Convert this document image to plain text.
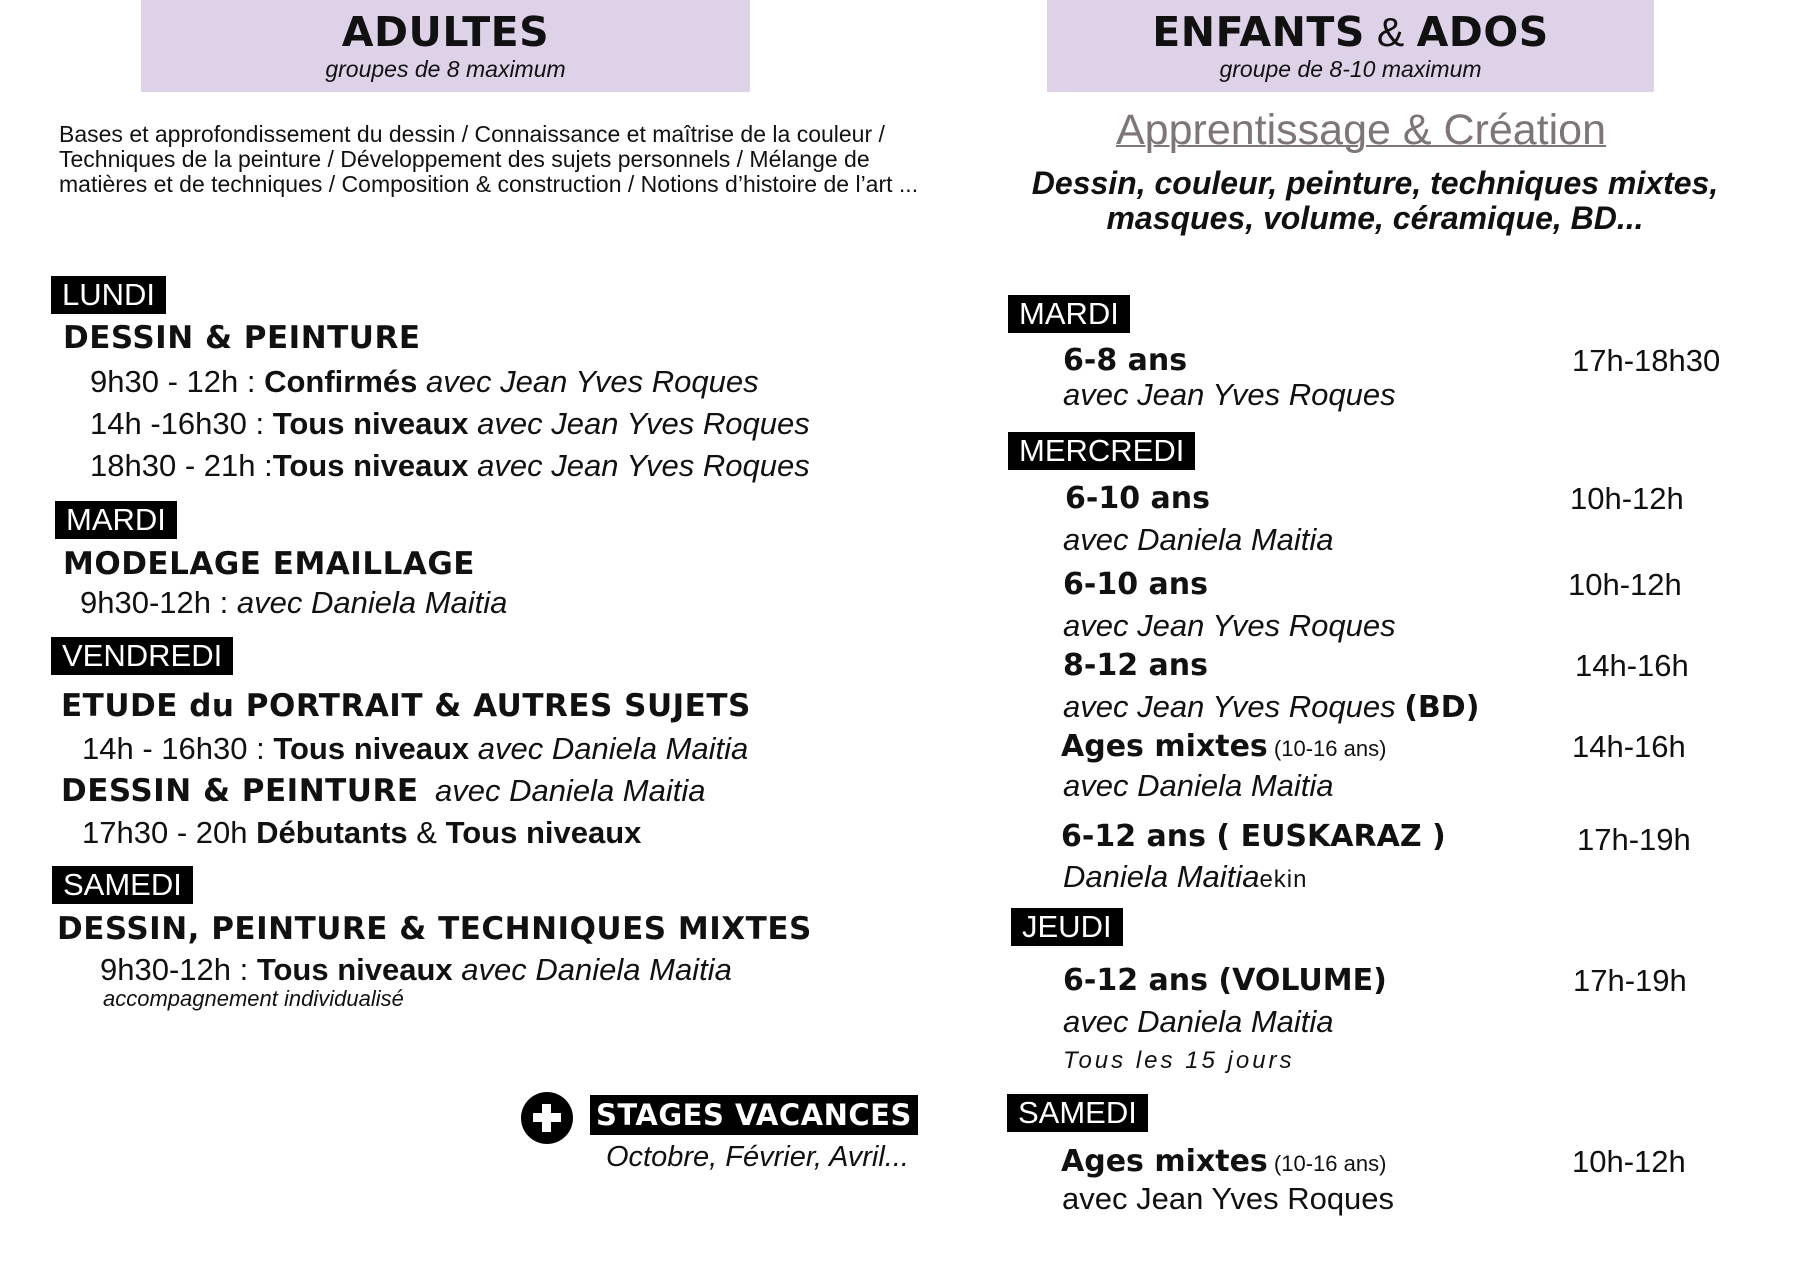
ADULTES
groupes de 8 maximum
Bases et approfondissement du dessin / Connaissance et maîtrise de la couleur /
Techniques de la peinture / Développement des sujets personnels / Mélange de
matières et de techniques / Composition & construction / Notions d’histoire de l’art ...
LUNDI
DESSIN & PEINTURE
9h30 - 12h : Confirmés avec Jean Yves Roques
14h -16h30 : Tous niveaux avec Jean Yves Roques
18h30 - 21h :Tous niveaux avec Jean Yves Roques
MARDI
MODELAGE EMAILLAGE
9h30-12h : avec Daniela Maitia
VENDREDI
ETUDE du PORTRAIT & AUTRES SUJETS
14h - 16h30 : Tous niveaux avec Daniela Maitia
DESSIN & PEINTURE avec Daniela Maitia
17h30 - 20h Débutants & Tous niveaux
SAMEDI
DESSIN, PEINTURE & TECHNIQUES MIXTES
9h30-12h : Tous niveaux avec Daniela Maitia
accompagnement individualisé
STAGES VACANCES
Octobre, Février, Avril...
ENFANTS & ADOS
groupe de 8-10 maximum
Apprentissage & Création
Dessin, couleur, peinture, techniques mixtes,
masques, volume, céramique, BD...
MARDI
6-8 ans	17h-18h30
avec Jean Yves Roques
MERCREDI
6-10 ans	10h-12h
avec Daniela Maitia
6-10 ans	10h-12h
avec Jean Yves Roques
8-12 ans	14h-16h
avec Jean Yves Roques (BD)
Ages mixtes (10-16 ans)	14h-16h
avec Daniela Maitia
6-12 ans ( EUSKARAZ )	17h-19h
Daniela Maitiaekin
JEUDI
6-12 ans (VOLUME)	17h-19h
avec Daniela Maitia
Tous les 15 jours
SAMEDI
Ages mixtes (10-16 ans)	10h-12h
avec Jean Yves Roques
